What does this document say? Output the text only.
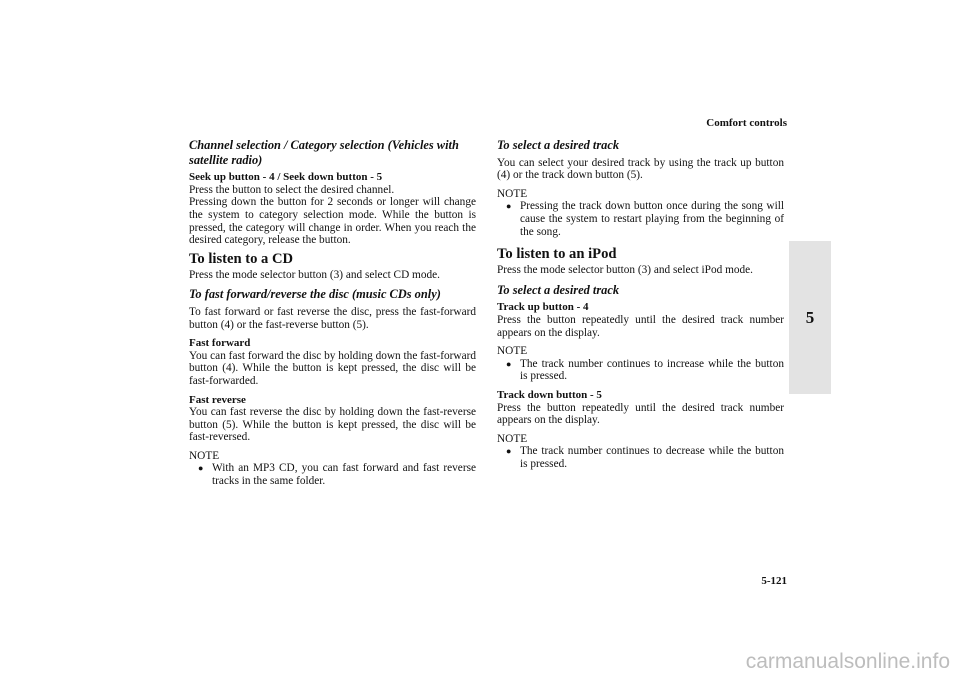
Comfort controls
5

Channel selection / Category selection (Vehicles with satellite radio)

Seek up button - 4 / Seek down button - 5

Press the button to select the desired channel.

Pressing down the button for 2 seconds or longer will change the system to category selection mode. While the button is pressed, the category will change in order. When you reach the desired category, release the button.

To listen to a CD

Press the mode selector button (3) and select CD mode.

To fast forward/reverse the disc (music CDs only)

To fast forward or fast reverse the disc, press the fast-forward button (4) or the fast-reverse button (5).

Fast forward

You can fast forward the disc by holding down the fast-forward button (4). While the button is kept pressed, the disc will be fast-forwarded.

Fast reverse

You can fast reverse the disc by holding down the fast-reverse button (5). While the button is kept pressed, the disc will be fast-reversed.

NOTE

● With an MP3 CD, you can fast forward and fast reverse tracks in the same folder.

To select a desired track

You can select your desired track by using the track up button (4) or the track down button (5).

NOTE

● Pressing the track down button once during the song will cause the system to restart playing from the beginning of the song.

To listen to an iPod

Press the mode selector button (3) and select iPod mode.

To select a desired track

Track up button - 4

Press the button repeatedly until the desired track number appears on the display.

NOTE

● The track number continues to increase while the button is pressed.

Track down button - 5

Press the button repeatedly until the desired track number appears on the display.

NOTE

● The track number continues to decrease while the button is pressed.
5-121
carmanualsonline.info
